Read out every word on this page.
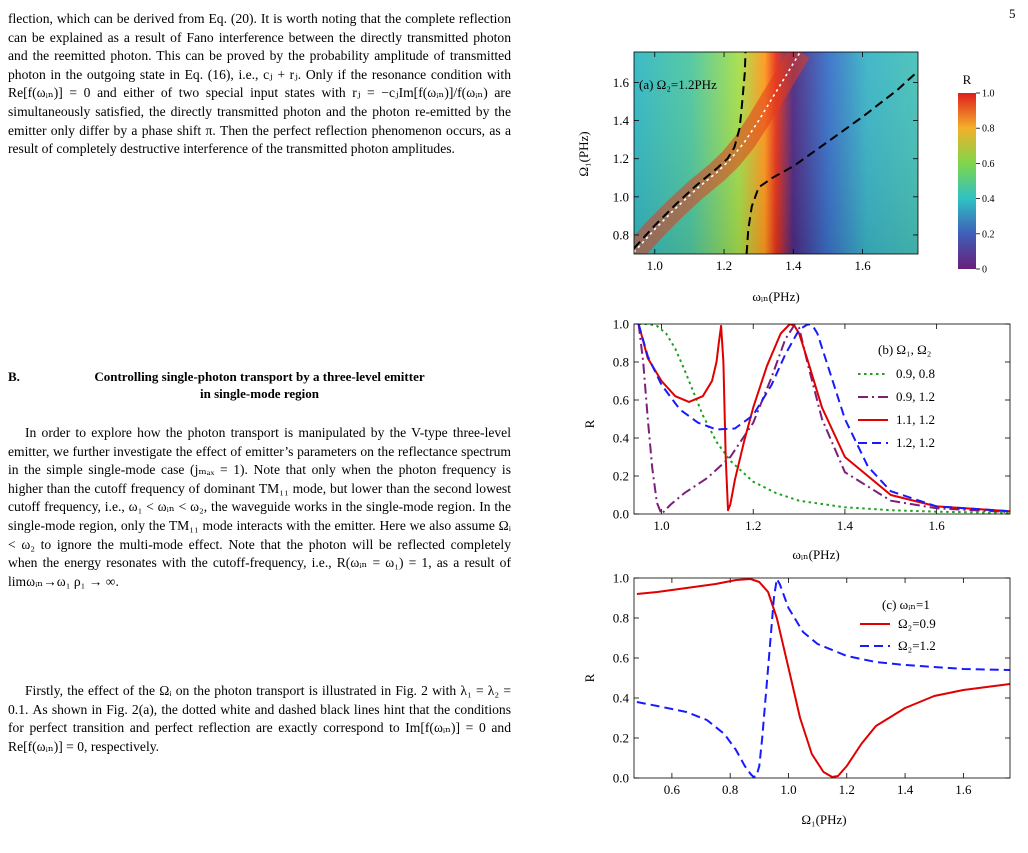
5

flection, which can be derived from Eq. (20). It is worth noting that the complete reflection can be explained as a result of Fano interference between the directly transmitted photon and the reemitted photon. This can be proved by the probability amplitude of transmitted photon in the outgoing state in Eq. (16), i.e., cⱼ + rⱼ. Only if the resonance condition with Re[f(ωᵢₙ)] = 0 and either of two special input states with rⱼ = −cⱼIm[f(ωᵢₙ)]/f(ωᵢₙ) are simultaneously satisfied, the directly transmitted photon and the photon re-emitted by the emitter only differ by a phase shift π. Then the perfect reflection phenomenon occurs, as a result of completely destructive interference of the transmitted photon amplitudes.

B.	Controlling single-photon transport by a three-level emitter
in single-mode region

In order to explore how the photon transport is manipulated by the V-type three-level emitter, we further investigate the effect of emitter’s parameters on the reflectance spectrum in the simple single-mode case (jₘₐₓ = 1). Note that only when the photon frequency is higher than the cutoff frequency of dominant TM₁₁ mode, but lower than the second lowest cutoff frequency, i.e., ω₁ < ωᵢₙ < ω₂, the waveguide works in the single-mode region. In the single-mode region, only the TM₁₁ mode interacts with the emitter. Here we also assume Ωᵢ < ω₂ to ignore the multi-mode effect. Note that the photon will be reflected completely when the energy resonates with the cutoff-frequency, i.e., R(ωᵢₙ = ω₁) = 1, as a result of limωᵢₙ→ω₁ ρ₁ → ∞.

Firstly, the effect of the Ωᵢ on the photon transport is illustrated in Fig. 2 with λ₁ = λ₂ = 0.1. As shown in Fig. 2(a), the dotted white and dashed black lines hint that the conditions for perfect transition and perfect reflection are exactly correspond to Im[f(ωᵢₙ)] = 0 and Re[f(ωᵢₙ)] = 0, respectively.

1.0	1.2	1.4	1.6
0.8
1.0
1.2
1.4
1.6 (a) Ω₂=1.2PHz
ωᵢₙ(PHz)
Ω₁(PHz)
R
0
0.2
0.4
0.6
0.8
1.0
1.0	1.2	1.4	1.6
0.0
0.2
0.4
0.6
0.8
1.0
(b) Ω₁, Ω₂
0.9, 0.8
0.9, 1.2
1.1, 1.2
1.2, 1.2
ωᵢₙ(PHz)
R
0.6	0.8	1.0	1.2	1.4	1.6
0.0
0.2
0.4
0.6
0.8
1.0
(c) ωᵢₙ=1
Ω₂=0.9
Ω₂=1.2
Ω₁(PHz)
R
